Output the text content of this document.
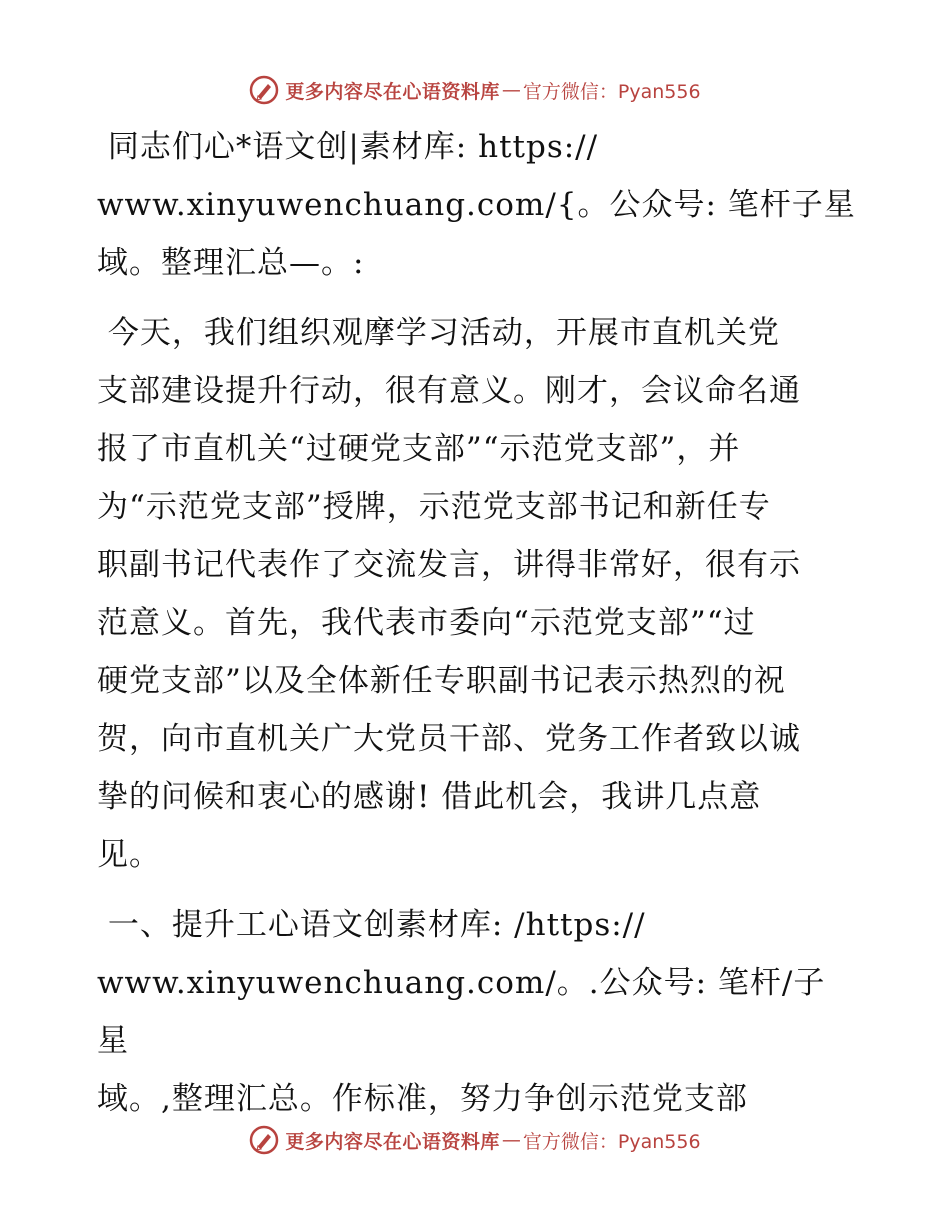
更多内容尽在心语资料库 — 官方微信：Pyan556

同志们心*语文创|素材库: https://
www.xinyuwenchuang.com/{。公众号: 笔杆子星
域。整理汇总—。:

今天，我们组织观摩学习活动，开展市直机关党
支部建设提升行动，很有意义。刚才，会议命名通
报了市直机关“过硬党支部”“示范党支部”，并
为“示范党支部”授牌，示范党支部书记和新任专
职副书记代表作了交流发言，讲得非常好，很有示
范意义。首先，我代表市委向“示范党支部”“过
硬党支部”以及全体新任专职副书记表示热烈的祝
贺，向市直机关广大党员干部、党务工作者致以诚
挚的问候和衷心的感谢! 借此机会，我讲几点意
见。

一、提升工心语文创素材库: /https://
www.xinyuwenchuang.com/。.公众号: 笔杆/子星
域。,整理汇总。作标准，努力争创示范党支部

更多内容尽在心语资料库 — 官方微信：Pyan556
